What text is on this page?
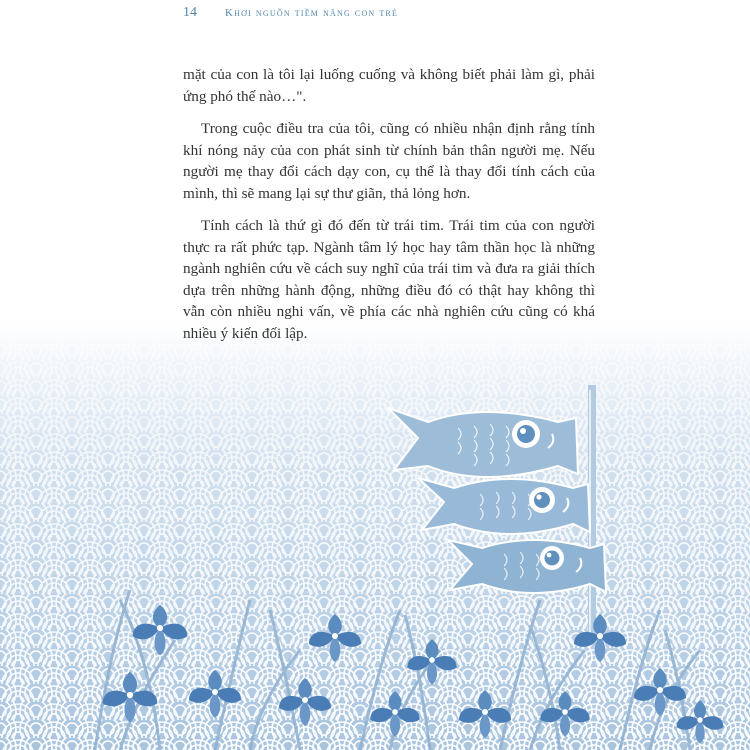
14	Khơi nguồn tiềm năng con trẻ

mặt của con là tôi lại luống cuống và không biết phải làm gì, phải ứng phó thế nào…".

Trong cuộc điều tra của tôi, cũng có nhiều nhận định rằng tính khí nóng nảy của con phát sinh từ chính bản thân người mẹ. Nếu người mẹ thay đổi cách dạy con, cụ thể là thay đổi tính cách của mình, thì sẽ mang lại sự thư giãn, thả lỏng hơn.

Tính cách là thứ gì đó đến từ trái tim. Trái tim của con người thực ra rất phức tạp. Ngành tâm lý học hay tâm thần học là những ngành nghiên cứu về cách suy nghĩ của trái tim và đưa ra giải thích dựa trên những hành động, những điều đó có thật hay không thì vẫn còn nhiều nghi vấn, về phía các nhà nghiên cứu cũng có khá nhiều ý kiến đối lập.
